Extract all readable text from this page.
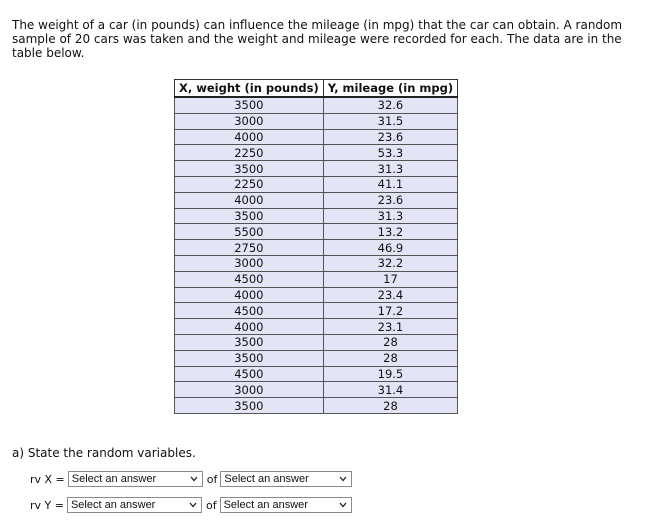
The weight of a car (in pounds) can influence the mileage (in mpg) that the car can obtain. A random sample of 20 cars was taken and the weight and mileage were recorded for each. The data are in the table below.

X, weight (in pounds)	Y, mileage (in mpg)
3500	32.6
3000	31.5
4000	23.6
2250	53.3
3500	31.3
2250	41.1
4000	23.6
3500	31.3
5500	13.2
2750	46.9
3000	32.2
4500	17
4000	23.4
4500	17.2
4000	23.1
3500	28
3500	28
4500	19.5
3000	31.4
3500	28

a) State the random variables.

rv X = Select an answer	of Select an answer
rv Y = Select an answer	of Select an answer
